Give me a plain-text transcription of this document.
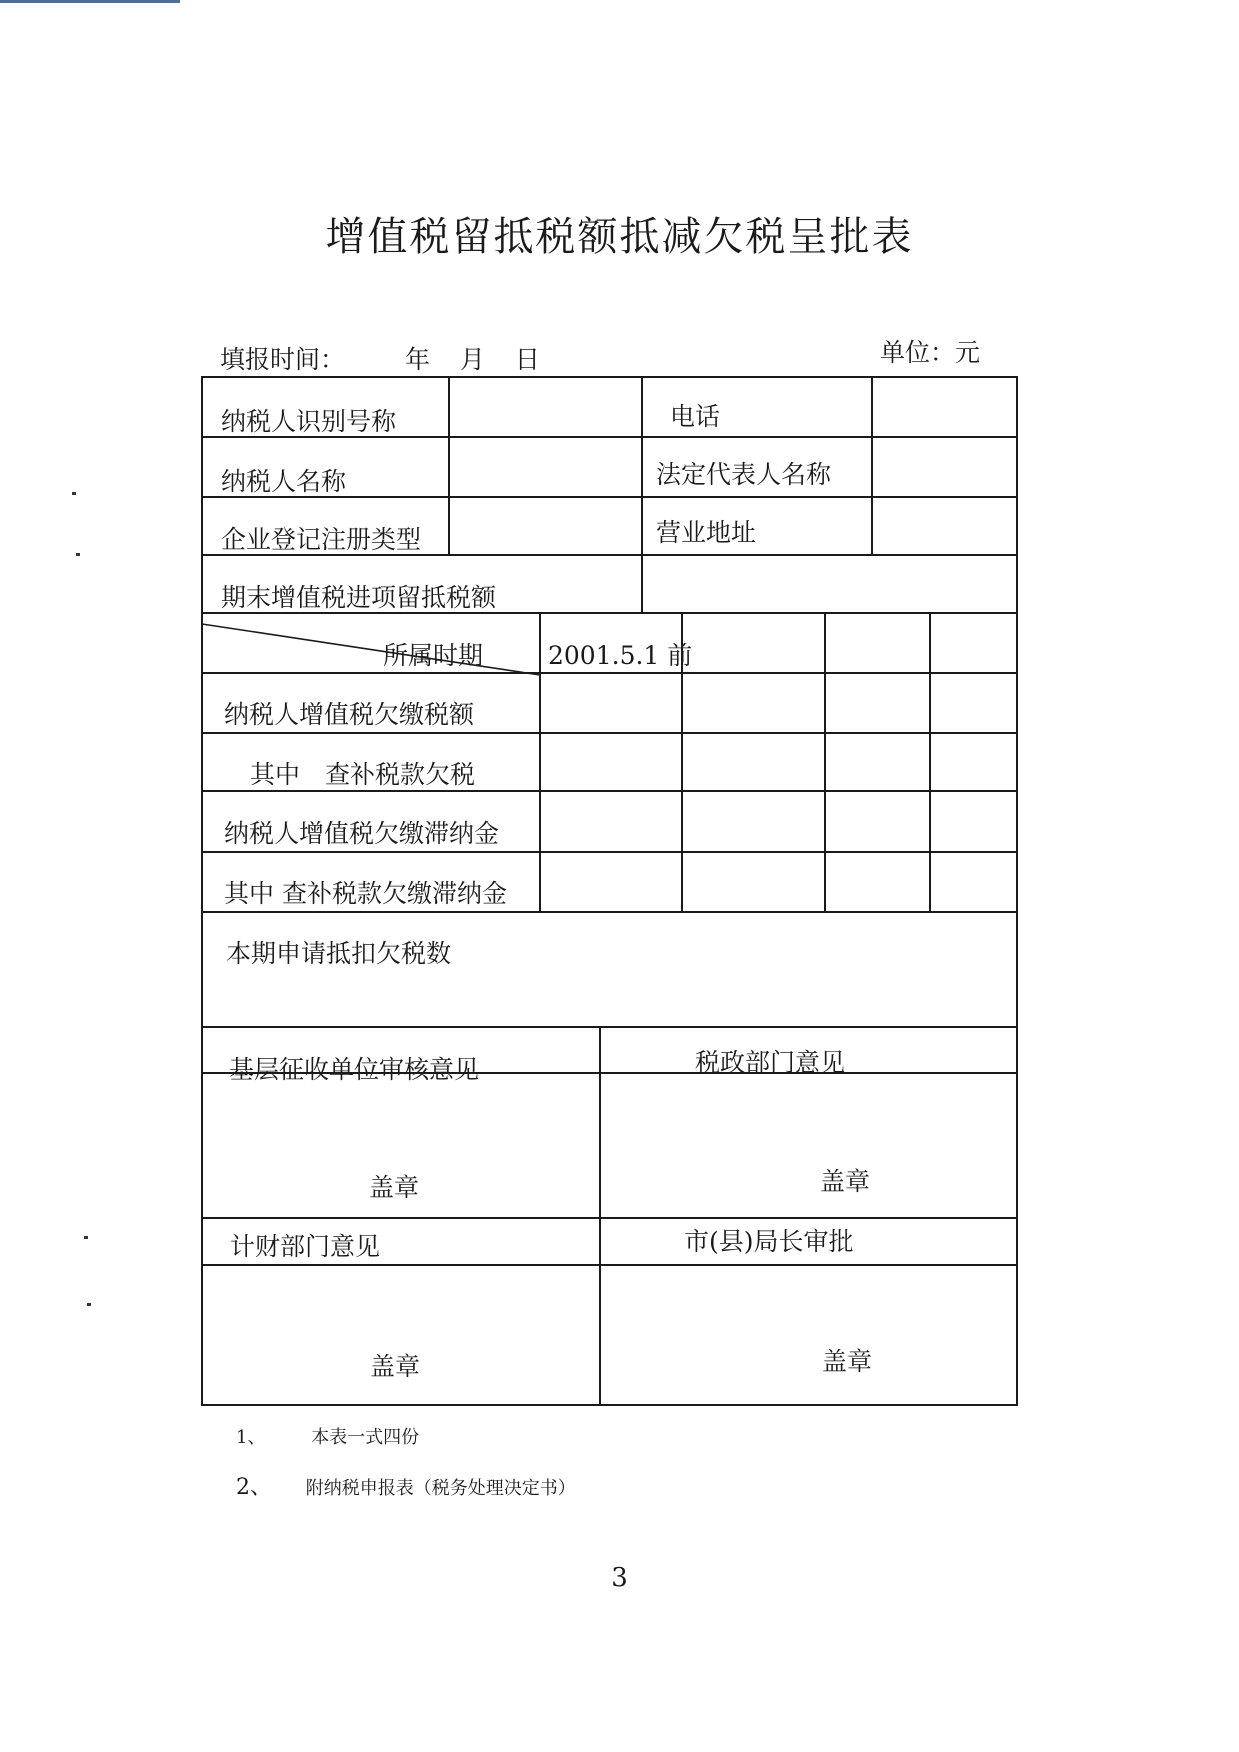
增值税留抵税额抵减欠税呈批表
填报时间： 年 月 日	单位：元
纳税人识别号称	电话
纳税人名称	法定代表人名称
企业登记注册类型	营业地址
期末增值税进项留抵税额
所属时期	2001.5.1 前
纳税人增值税欠缴税额
其中　查补税款欠税
纳税人增值税欠缴滞纳金
其中 查补税款欠缴滞纳金
本期申请抵扣欠税数
基层征收单位审核意见	税政部门意见
盖章	盖章
计财部门意见	市(县)局长审批
盖章	盖章
1、	本表一式四份
2、 附纳税申报表（税务处理决定书）
3
